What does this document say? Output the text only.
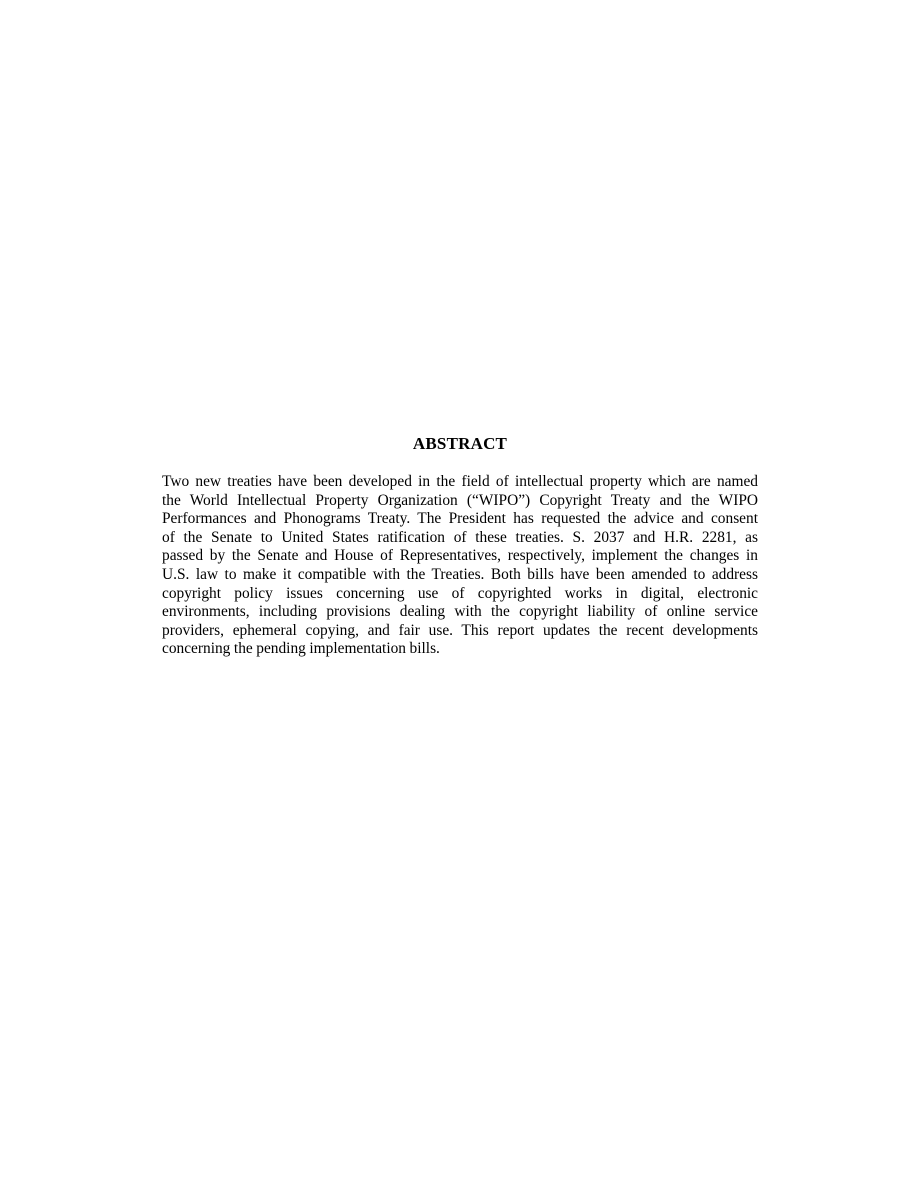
ABSTRACT

Two new treaties have been developed in the field of intellectual property which are named
the World Intellectual Property Organization (“WIPO”) Copyright Treaty and the WIPO
Performances and Phonograms Treaty. The President has requested the advice and consent
of the Senate to United States ratification of these treaties. S. 2037 and H.R. 2281, as
passed by the Senate and House of Representatives, respectively, implement the changes in
U.S. law to make it compatible with the Treaties. Both bills have been amended to address
copyright policy issues concerning use of copyrighted works in digital, electronic
environments, including provisions dealing with the copyright liability of online service
providers, ephemeral copying, and fair use. This report updates the recent developments
concerning the pending implementation bills.
